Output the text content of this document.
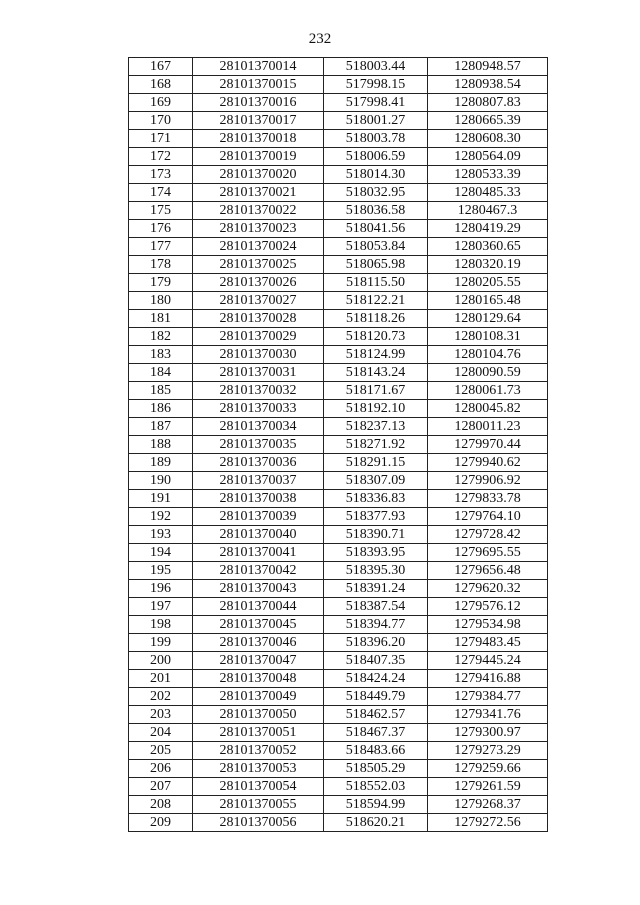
232
167	28101370014	518003.44	1280948.57
168	28101370015	517998.15	1280938.54
169	28101370016	517998.41	1280807.83
170	28101370017	518001.27	1280665.39
171	28101370018	518003.78	1280608.30
172	28101370019	518006.59	1280564.09
173	28101370020	518014.30	1280533.39
174	28101370021	518032.95	1280485.33
175	28101370022	518036.58	1280467.3
176	28101370023	518041.56	1280419.29
177	28101370024	518053.84	1280360.65
178	28101370025	518065.98	1280320.19
179	28101370026	518115.50	1280205.55
180	28101370027	518122.21	1280165.48
181	28101370028	518118.26	1280129.64
182	28101370029	518120.73	1280108.31
183	28101370030	518124.99	1280104.76
184	28101370031	518143.24	1280090.59
185	28101370032	518171.67	1280061.73
186	28101370033	518192.10	1280045.82
187	28101370034	518237.13	1280011.23
188	28101370035	518271.92	1279970.44
189	28101370036	518291.15	1279940.62
190	28101370037	518307.09	1279906.92
191	28101370038	518336.83	1279833.78
192	28101370039	518377.93	1279764.10
193	28101370040	518390.71	1279728.42
194	28101370041	518393.95	1279695.55
195	28101370042	518395.30	1279656.48
196	28101370043	518391.24	1279620.32
197	28101370044	518387.54	1279576.12
198	28101370045	518394.77	1279534.98
199	28101370046	518396.20	1279483.45
200	28101370047	518407.35	1279445.24
201	28101370048	518424.24	1279416.88
202	28101370049	518449.79	1279384.77
203	28101370050	518462.57	1279341.76
204	28101370051	518467.37	1279300.97
205	28101370052	518483.66	1279273.29
206	28101370053	518505.29	1279259.66
207	28101370054	518552.03	1279261.59
208	28101370055	518594.99	1279268.37
209	28101370056	518620.21	1279272.56
